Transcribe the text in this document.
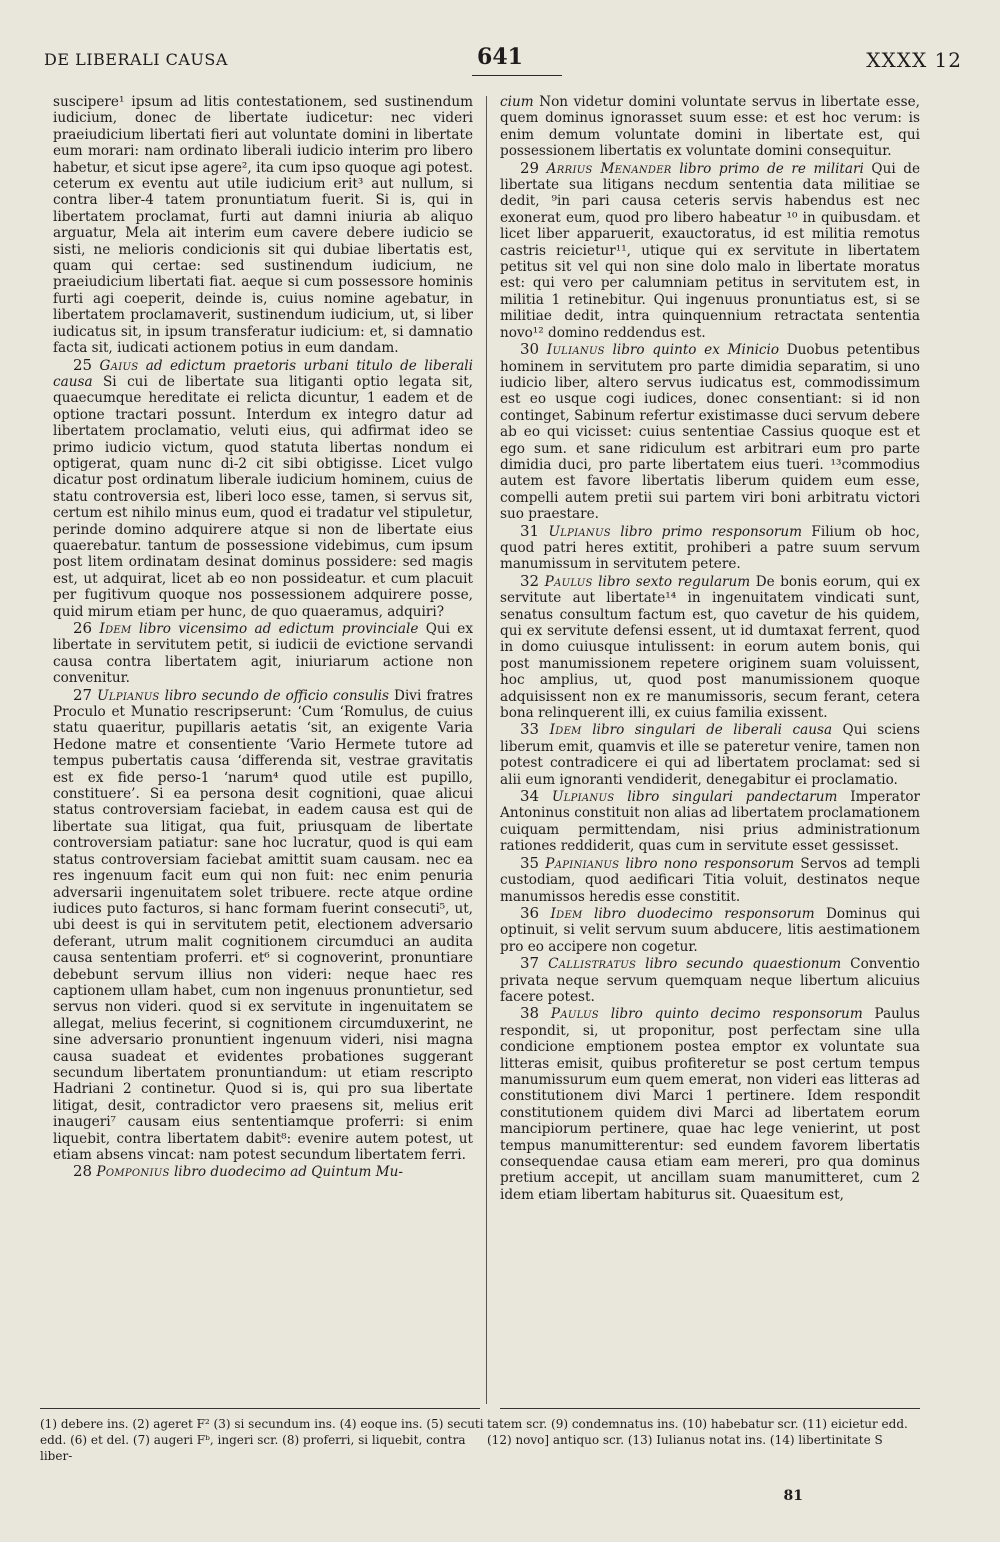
DE LIBERALI CAUSA	641	XXXX 12

suscipere¹ ipsum ad litis contestationem, sed sustinendum iudicium, donec de libertate iudicetur: nec videri praeiudicium libertati fieri aut voluntate domini in libertate eum morari: nam ordinato liberali iudicio interim pro libero habetur, et sicut ipse agere², ita cum ipso quoque agi potest. ceterum ex eventu aut utile iudicium erit³ aut nullum, si contra liber-4 tatem pronuntiatum fuerit. Si is, qui in libertatem proclamat, furti aut damni iniuria ab aliquo arguatur, Mela ait interim eum cavere debere iudicio se sisti, ne melioris condicionis sit qui dubiae libertatis est, quam qui certae: sed sustinendum iudicium, ne praeiudicium libertati fiat. aeque si cum possessore hominis furti agi coeperit, deinde is, cuius nomine agebatur, in libertatem proclamaverit, sustinendum iudicium, ut, si liber iudicatus sit, in ipsum transferatur iudicium: et, si damnatio facta sit, iudicati actionem potius in eum dandam.

25 Gaius ad edictum praetoris urbani titulo de liberali causa Si cui de libertate sua litiganti optio legata sit, quaecumque hereditate ei relicta dicuntur, 1 eadem et de optione tractari possunt. Interdum ex integro datur ad libertatem proclamatio, veluti eius, qui adfirmat ideo se primo iudicio victum, quod statuta libertas nondum ei optigerat, quam nunc di-2 cit sibi obtigisse. Licet vulgo dicatur post ordinatum liberale iudicium hominem, cuius de statu controversia est, liberi loco esse, tamen, si servus sit, certum est nihilo minus eum, quod ei tradatur vel stipuletur, perinde domino adquirere atque si non de libertate eius quaerebatur. tantum de possessione videbimus, cum ipsum post litem ordinatam desinat dominus possidere: sed magis est, ut adquirat, licet ab eo non possideatur. et cum placuit per fugitivum quoque nos possessionem adquirere posse, quid mirum etiam per hunc, de quo quaeramus, adquiri?

26 Idem libro vicensimo ad edictum provinciale Qui ex libertate in servitutem petit, si iudicii de evictione servandi causa contra libertatem agit, iniuriarum actione non convenitur.

27 Ulpianus libro secundo de officio consulis Divi fratres Proculo et Munatio rescripserunt: ‘Cum ‘Romulus, de cuius statu quaeritur, pupillaris aetatis ‘sit, an exigente Varia Hedone matre et consentiente ‘Vario Hermete tutore ad tempus pubertatis causa ‘differenda sit, vestrae gravitatis est ex fide perso-1 ‘narum⁴ quod utile est pupillo, constituere’. Si ea persona desit cognitioni, quae alicui status controversiam faciebat, in eadem causa est qui de libertate sua litigat, qua fuit, priusquam de libertate controversiam patiatur: sane hoc lucratur, quod is qui eam status controversiam faciebat amittit suam causam. nec ea res ingenuum facit eum qui non fuit: nec enim penuria adversarii ingenuitatem solet tribuere. recte atque ordine iudices puto facturos, si hanc formam fuerint consecuti⁵, ut, ubi deest is qui in servitutem petit, electionem adversario deferant, utrum malit cognitionem circumduci an audita causa sententiam proferri. et⁶ si cognoverint, pronuntiare debebunt servum illius non videri: neque haec res captionem ullam habet, cum non ingenuus pronuntietur, sed servus non videri. quod si ex servitute in ingenuitatem se allegat, melius fecerint, si cognitionem circumduxerint, ne sine adversario pronuntient ingenuum videri, nisi magna causa suadeat et evidentes probationes suggerant secundum libertatem pronuntiandum: ut etiam rescripto Hadriani 2 continetur. Quod si is, qui pro sua libertate litigat, desit, contradictor vero praesens sit, melius erit inaugeri⁷ causam eius sententiamque proferri: si enim liquebit, contra libertatem dabit⁸: evenire autem potest, ut etiam absens vincat: nam potest secundum libertatem ferri.

28 Pomponius libro duodecimo ad Quintum Mu-

cium Non videtur domini voluntate servus in libertate esse, quem dominus ignorasset suum esse: et est hoc verum: is enim demum voluntate domini in libertate est, qui possessionem libertatis ex voluntate domini consequitur.

29 Arrius Menander libro primo de re militari Qui de libertate sua litigans necdum sententia data militiae se dedit, ⁹in pari causa ceteris servis habendus est nec exonerat eum, quod pro libero habeatur ¹⁰ in quibusdam. et licet liber apparuerit, exauctoratus, id est militia remotus castris reicietur¹¹, utique qui ex servitute in libertatem petitus sit vel qui non sine dolo malo in libertate moratus est: qui vero per calumniam petitus in servitutem est, in militia 1 retinebitur. Qui ingenuus pronuntiatus est, si se militiae dedit, intra quinquennium retractata sententia novo¹² domino reddendus est.

30 Iulianus libro quinto ex Minicio Duobus petentibus hominem in servitutem pro parte dimidia separatim, si uno iudicio liber, altero servus iudicatus est, commodissimum est eo usque cogi iudices, donec consentiant: si id non continget, Sabinum refertur existimasse duci servum debere ab eo qui vicisset: cuius sententiae Cassius quoque est et ego sum. et sane ridiculum est arbitrari eum pro parte dimidia duci, pro parte libertatem eius tueri. ¹³commodius autem est favore libertatis liberum quidem eum esse, compelli autem pretii sui partem viri boni arbitratu victori suo praestare.

31 Ulpianus libro primo responsorum Filium ob hoc, quod patri heres extitit, prohiberi a patre suum servum manumissum in servitutem petere.

32 Paulus libro sexto regularum De bonis eorum, qui ex servitute aut libertate¹⁴ in ingenuitatem vindicati sunt, senatus consultum factum est, quo cavetur de his quidem, qui ex servitute defensi essent, ut id dumtaxat ferrent, quod in domo cuiusque intulissent: in eorum autem bonis, qui post manumissionem repetere originem suam voluissent, hoc amplius, ut, quod post manumissionem quoque adquisissent non ex re manumissoris, secum ferant, cetera bona relinquerent illi, ex cuius familia exissent.

33 Idem libro singulari de liberali causa Qui sciens liberum emit, quamvis et ille se pateretur venire, tamen non potest contradicere ei qui ad libertatem proclamat: sed si alii eum ignoranti vendiderit, denegabitur ei proclamatio.

34 Ulpianus libro singulari pandectarum Imperator Antoninus constituit non alias ad libertatem proclamationem cuiquam permittendam, nisi prius administrationum rationes reddiderit, quas cum in servitute esset gessisset.

35 Papinianus libro nono responsorum Servos ad templi custodiam, quod aedificari Titia voluit, destinatos neque manumissos heredis esse constitit.

36 Idem libro duodecimo responsorum Dominus qui optinuit, si velit servum suum abducere, litis aestimationem pro eo accipere non cogetur.

37 Callistratus libro secundo quaestionum Conventio privata neque servum quemquam neque libertum alicuius facere potest.

38 Paulus libro quinto decimo responsorum Paulus respondit, si, ut proponitur, post perfectam sine ulla condicione emptionem postea emptor ex voluntate sua litteras emisit, quibus profiteretur se post certum tempus manumissurum eum quem emerat, non videri eas litteras ad constitutionem divi Marci 1 pertinere. Idem respondit constitutionem quidem divi Marci ad libertatem eorum mancipiorum pertinere, quae hac lege venierint, ut post tempus manumitterentur: sed eundem favorem libertatis consequendae causa etiam eam mereri, pro qua dominus pretium accepit, ut ancillam suam manumitteret, cum 2 idem etiam libertam habiturus sit. Quaesitum est,

(1) debere ins. (2) ageret F² (3) si secundum ins. (4) eoque ins. (5) secuti edd. (6) et del. (7) augeri Fᵇ, ingeri scr. (8) proferri, si liquebit, contra liber-
tatem scr. (9) condemnatus ins. (10) habebatur scr. (11) eicietur edd. (12) novo] antiquo scr. (13) Iulianus notat ins. (14) libertinitate S
81
